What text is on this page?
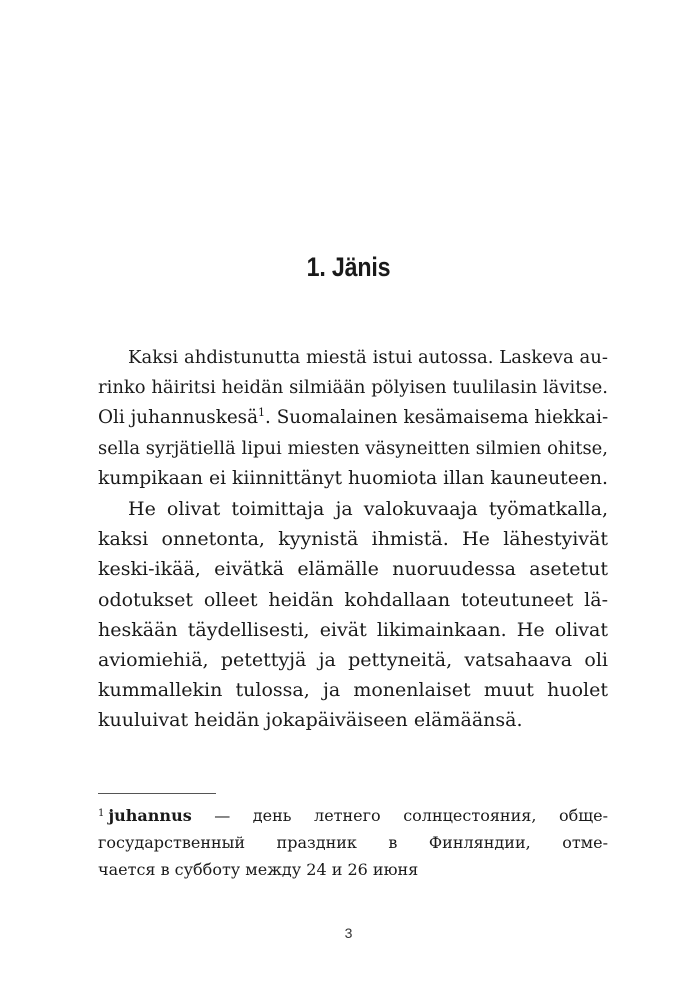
1. Jänis
Kaksi ahdistunutta miestä istui autossa. Laskeva au-
rinko häiritsi heidän silmiään pölyisen tuulilasin lävitse.
Oli juhannuskesä$^1$. Suomalainen kesämaisema hiekkai-
sella syrjätiellä lipui miesten väsyneitten silmien ohitse,
kumpikaan ei kiinnittänyt huomiota illan kauneuteen.
He olivat toimittaja ja valokuvaaja työmatkalla,
kaksi onnetonta, kyynistä ihmistä. He lähestyivät
keski-ikää, eivätkä elämälle nuoruudessa asetetut
odotukset olleet heidän kohdallaan toteutuneet lä-
heskään täydellisesti, eivät likimainkaan. He olivat
aviomiehiä, petettyjä ja pettyneitä, vatsahaava oli
kummallekin tulossa, ja monenlaiset muut huolet
kuuluivat heidän jokapäiväiseen elämäänsä.
$^1$ juhannus — день летнего солнцестояния, обще-
государственный праздник в Финляндии, отме-
чается в субботу между 24 и 26 июня
3
